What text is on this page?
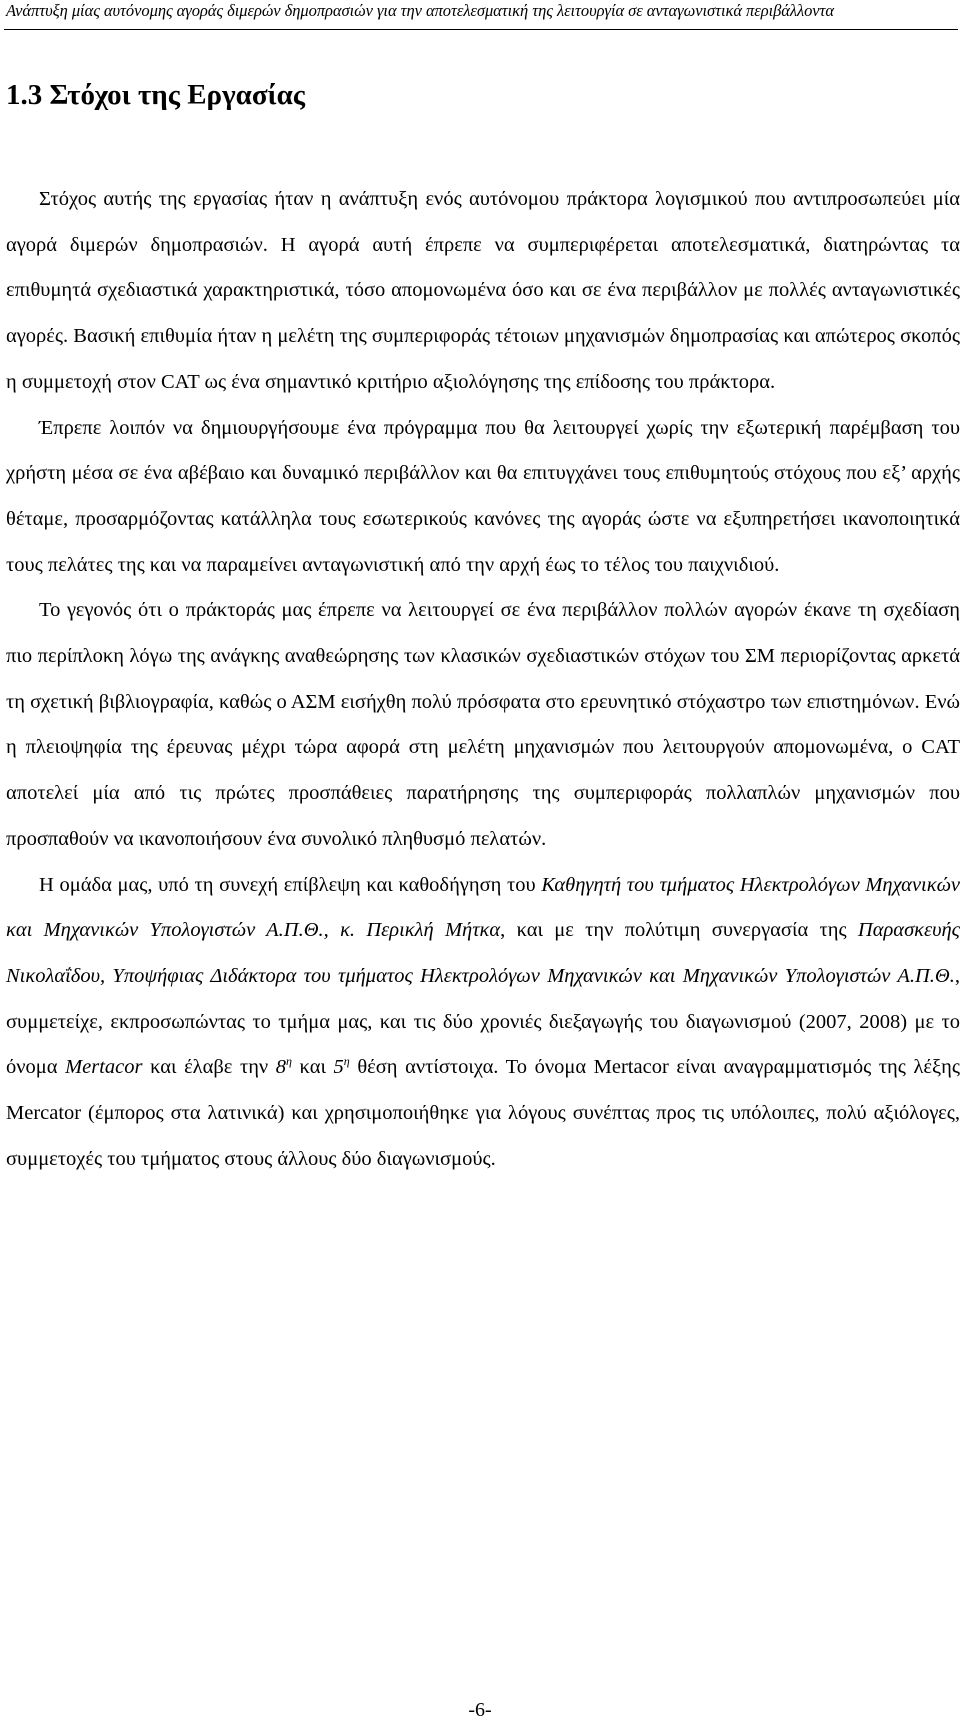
Ανάπτυξη μίας αυτόνομης αγοράς διμερών δημοπρασιών για την αποτελεσματική της λειτουργία σε ανταγωνιστικά περιβάλλοντα
1.3 Στόχοι της Εργασίας

Στόχος αυτής της εργασίας ήταν η ανάπτυξη ενός αυτόνομου πράκτορα λογισμικού που αντιπροσωπεύει μία αγορά διμερών δημοπρασιών. Η αγορά αυτή έπρεπε να συμπεριφέρεται αποτελεσματικά, διατηρώντας τα επιθυμητά σχεδιαστικά χαρακτηριστικά, τόσο απομονωμένα όσο και σε ένα περιβάλλον με πολλές ανταγωνιστικές αγορές. Βασική επιθυμία ήταν η μελέτη της συμπεριφοράς τέτοιων μηχανισμών δημοπρασίας και απώτερος σκοπός η συμμετοχή στον CAT ως ένα σημαντικό κριτήριο αξιολόγησης της επίδοσης του πράκτορα.

Έπρεπε λοιπόν να δημιουργήσουμε ένα πρόγραμμα που θα λειτουργεί χωρίς την εξωτερική παρέμβαση του χρήστη μέσα σε ένα αβέβαιο και δυναμικό περιβάλλον και θα επιτυγχάνει τους επιθυμητούς στόχους που εξ’ αρχής θέταμε, προσαρμόζοντας κατάλληλα τους εσωτερικούς κανόνες της αγοράς ώστε να εξυπηρετήσει ικανοποιητικά τους πελάτες της και να παραμείνει ανταγωνιστική από την αρχή έως το τέλος του παιχνιδιού.

Το γεγονός ότι ο πράκτοράς μας έπρεπε να λειτουργεί σε ένα περιβάλλον πολλών αγορών έκανε τη σχεδίαση πιο περίπλοκη λόγω της ανάγκης αναθεώρησης των κλασικών σχεδιαστικών στόχων του ΣΜ περιορίζοντας αρκετά τη σχετική βιβλιογραφία, καθώς ο ΑΣΜ εισήχθη πολύ πρόσφατα στο ερευνητικό στόχαστρο των επιστημόνων. Ενώ η πλειοψηφία της έρευνας μέχρι τώρα αφορά στη μελέτη μηχανισμών που λειτουργούν απομονωμένα, ο CAT αποτελεί μία από τις πρώτες προσπάθειες παρατήρησης της συμπεριφοράς πολλαπλών μηχανισμών που προσπαθούν να ικανοποιήσουν ένα συνολικό πληθυσμό πελατών.

Η ομάδα μας, υπό τη συνεχή επίβλεψη και καθοδήγηση του Καθηγητή του τμήματος Ηλεκτρολόγων Μηχανικών και Μηχανικών Υπολογιστών Α.Π.Θ., κ. Περικλή Μήτκα, και με την πολύτιμη συνεργασία της Παρασκευής Νικολαΐδου, Υποψήφιας Διδάκτορα του τμήματος Ηλεκτρολόγων Μηχανικών και Μηχανικών Υπολογιστών Α.Π.Θ., συμμετείχε, εκπροσωπώντας το τμήμα μας, και τις δύο χρονιές διεξαγωγής του διαγωνισμού (2007, 2008) με το όνομα Mertacor και έλαβε την $8^\eta$ και $5^\eta$ θέση αντίστοιχα. Το όνομα Mertacor είναι αναγραμματισμός της λέξης Mercator (έμπορος στα λατινικά) και χρησιμοποιήθηκε για λόγους συνέπτας προς τις υπόλοιπες, πολύ αξιόλογες, συμμετοχές του τμήματος στους άλλους δύο διαγωνισμούς.

-6-
